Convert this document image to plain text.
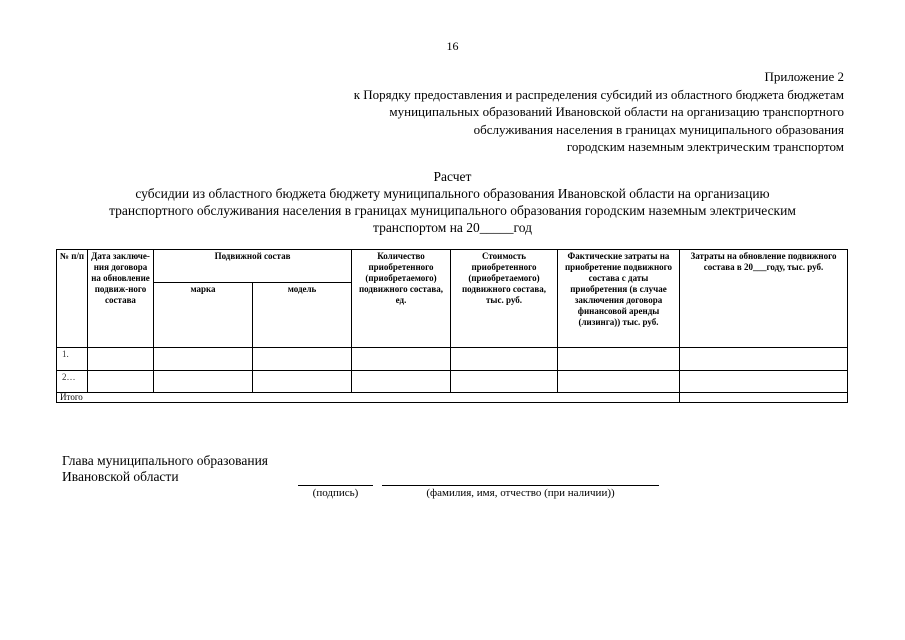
16
Приложение 2
к Порядку предоставления и распределения субсидий из областного бюджета бюджетам
муниципальных образований Ивановской области на организацию транспортного
обслуживания населения в границах муниципального образования
городским наземным электрическим транспортом
Расчет
субсидии из областного бюджета бюджету муниципального образования Ивановской области на организацию
транспортного обслуживания населения в границах муниципального образования городским наземным электрическим
транспортом на 20_____год
№ п/п	Дата заключе-ния договора на обновление подвиж-ного состава	Подвижной состав		Количество приобретенного (приобретаемого) подвижного состава, ед.	Стоимость приобретенного (приобретаемого) подвижного состава, тыс. руб.	Фактические затраты на приобретение подвижного состава с даты приобретения (в случае заключения договора финансовой аренды (лизинга)) тыс. руб.	Затраты на обновление подвижного состава в 20___году, тыс. руб.
		марка	модель				
1.							
2…							
Итого							
Глава муниципального образования
Ивановской области
(подпись)	(фамилия, имя, отчество (при наличии))
